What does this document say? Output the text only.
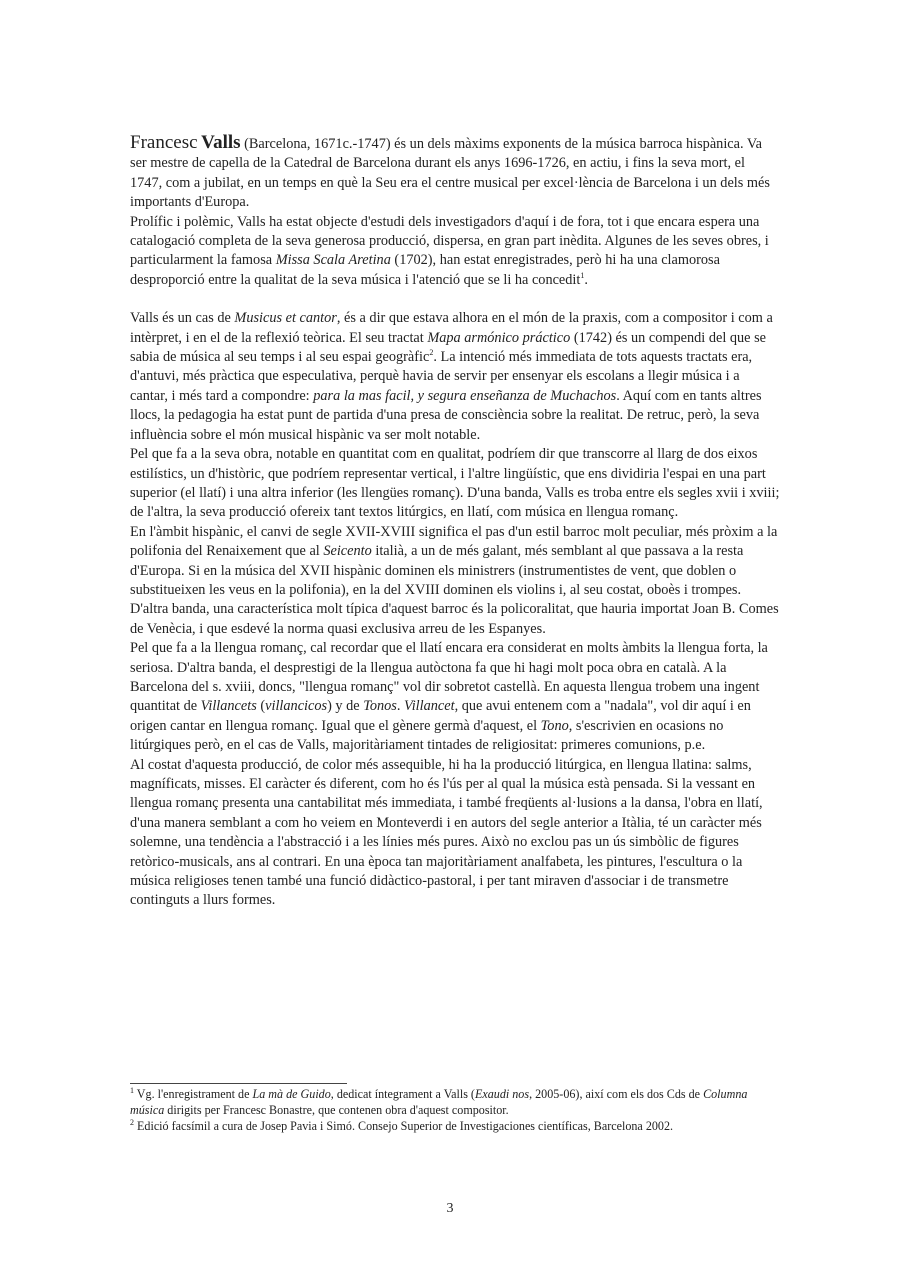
Francesc Valls (Barcelona, 1671c.-1747) és un dels màxims exponents de la música barroca hispànica. Va ser mestre de capella de la Catedral de Barcelona durant els anys 1696-1726, en actiu, i fins la seva mort, el 1747, com a jubilat, en un temps en què la Seu era el centre musical per excel·lència de Barcelona i un dels més importants d'Europa.

Prolífic i polèmic, Valls ha estat objecte d'estudi dels investigadors d'aquí i de fora, tot i que encara espera una catalogació completa de la seva generosa producció, dispersa, en gran part inèdita. Algunes de les seves obres, i particularment la famosa Missa Scala Aretina (1702), han estat enregistrades, però hi ha una clamorosa desproporció entre la qualitat de la seva música i l'atenció que se li ha concedit$^1$.

Valls és un cas de Musicus et cantor, és a dir que estava alhora en el món de la praxis, com a compositor i com a intèrpret, i en el de la reflexió teòrica. El seu tractat Mapa armónico práctico (1742) és un compendi del que se sabia de música al seu temps i al seu espai geogràfic$^2$. La intenció més immediata de tots aquests tractats era, d'antuvi, més pràctica que especulativa, perquè havia de servir per ensenyar els escolans a llegir música i a cantar, i més tard a compondre: para la mas facil, y segura enseñanza de Muchachos. Aquí com en tants altres llocs, la pedagogia ha estat punt de partida d'una presa de consciència sobre la realitat. De retruc, però, la seva influència sobre el món musical hispànic va ser molt notable.

Pel que fa a la seva obra, notable en quantitat com en qualitat, podríem dir que transcorre al llarg de dos eixos estilístics, un d'històric, que podríem representar vertical, i l'altre lingüístic, que ens dividiria l'espai en una part superior (el llatí) i una altra inferior (les llengües romanç). D'una banda, Valls es troba entre els segles xvii i xviii; de l'altra, la seva producció ofereix tant textos litúrgics, en llatí, com música en llengua romanç.

En l'àmbit hispànic, el canvi de segle XVII-XVIII significa el pas d'un estil barroc molt peculiar, més pròxim a la polifonia del Renaixement que al Seicento italià, a un de més galant, més semblant al que passava a la resta d'Europa. Si en la música del XVII hispànic dominen els ministrers (instrumentistes de vent, que doblen o substitueixen les veus en la polifonia), en la del XVIII dominen els violins i, al seu costat, oboès i trompes. D'altra banda, una característica molt típica d'aquest barroc és la policoralitat, que hauria importat Joan B. Comes de Venècia, i que esdevé la norma quasi exclusiva arreu de les Espanyes.

Pel que fa a la llengua romanç, cal recordar que el llatí encara era considerat en molts àmbits la llengua forta, la seriosa. D'altra banda, el desprestigi de la llengua autòctona fa que hi hagi molt poca obra en català. A la Barcelona del s. xviii, doncs, "llengua romanç" vol dir sobretot castellà. En aquesta llengua trobem una ingent quantitat de Villancets (villancicos) y de Tonos. Villancet, que avui entenem com a "nadala", vol dir aquí i en origen cantar en llengua romanç. Igual que el gènere germà d'aquest, el Tono, s'escrivien en ocasions no litúrgiques però, en el cas de Valls, majoritàriament tintades de religiositat: primeres comunions, p.e.

Al costat d'aquesta producció, de color més assequible, hi ha la producció litúrgica, en llengua llatina: salms, magníficats, misses. El caràcter és diferent, com ho és l'ús per al qual la música està pensada. Si la vessant en llengua romanç presenta una cantabilitat més immediata, i també freqüents al·lusions a la dansa, l'obra en llatí, d'una manera semblant a com ho veiem en Monteverdi i en autors del segle anterior a Itàlia, té un caràcter més solemne, una tendència a l'abstracció i a les línies més pures. Això no exclou pas un ús simbòlic de figures retòrico-musicals, ans al contrari. En una època tan majoritàriament analfabeta, les pintures, l'escultura o la música religioses tenen també una funció didàctico-pastoral, i per tant miraven d'associar i de transmetre continguts a llurs formes.

$^1$ Vg. l'enregistrament de La mà de Guido, dedicat íntegrament a Valls (Exaudi nos, 2005-06), així com els dos Cds de Columna música dirigits per Francesc Bonastre, que contenen obra d'aquest compositor.

$^2$ Edició facsímil a cura de Josep Pavia i Simó. Consejo Superior de Investigaciones científicas, Barcelona 2002.

3
